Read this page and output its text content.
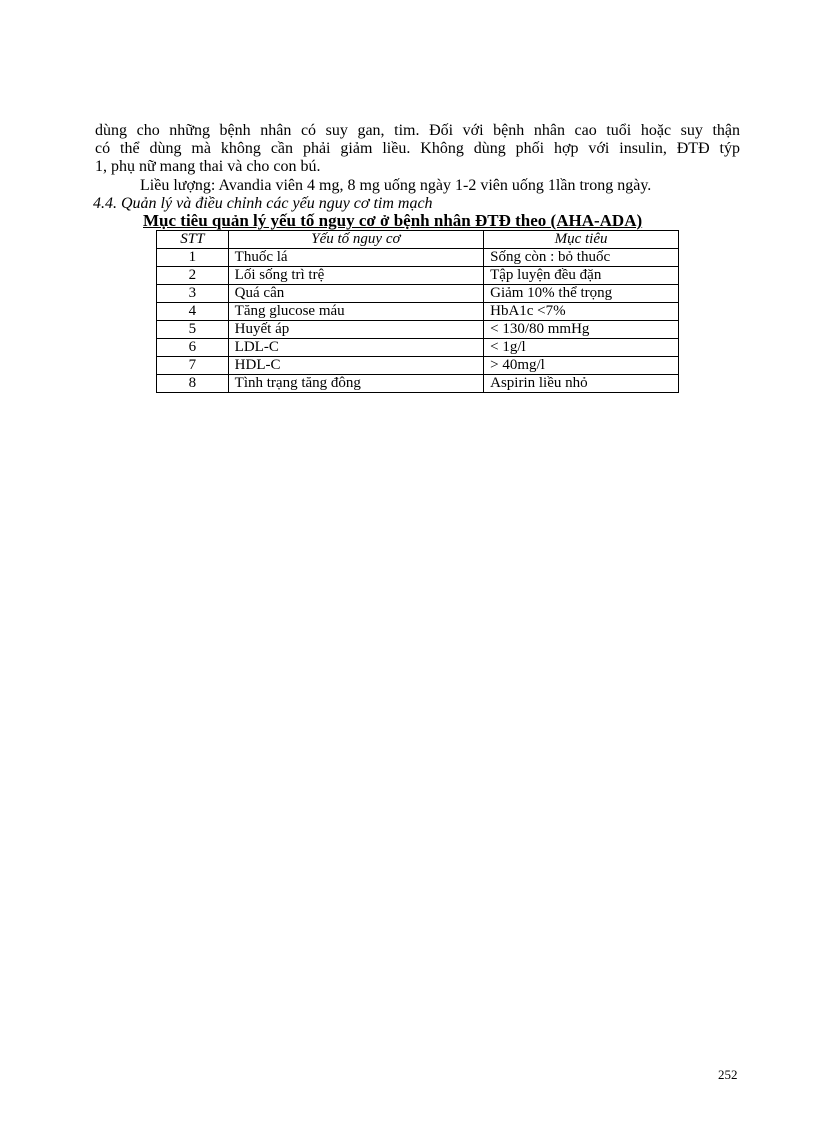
dùng cho những bệnh nhân có suy gan, tim. Đối với bệnh nhân cao tuổi hoặc suy thận
có thể dùng mà không cần phải giảm liều. Không dùng phối hợp với insulin, ĐTĐ týp
1, phụ nữ mang thai và cho con bú.
Liều lượng: Avandia viên 4 mg, 8 mg uống ngày 1-2 viên uống 1lần trong ngày.
4.4. Quản lý và điều chỉnh các yếu nguy cơ tim mạch
Mục tiêu quản lý yếu tố nguy cơ ở bệnh nhân ĐTĐ theo (AHA-ADA)
STT	Yếu tố nguy cơ	Mục tiêu
1	Thuốc lá	Sống còn : bỏ thuốc
2	Lối sống trì trệ	Tập luyện đều đặn
3	Quá cân	Giảm 10% thể trọng
4	Tăng glucose máu	HbA1c <7%
5	Huyết áp	< 130/80 mmHg
6	LDL-C	< 1g/l
7	HDL-C	> 40mg/l
8	Tình trạng tăng đông	Aspirin liều nhỏ
252
